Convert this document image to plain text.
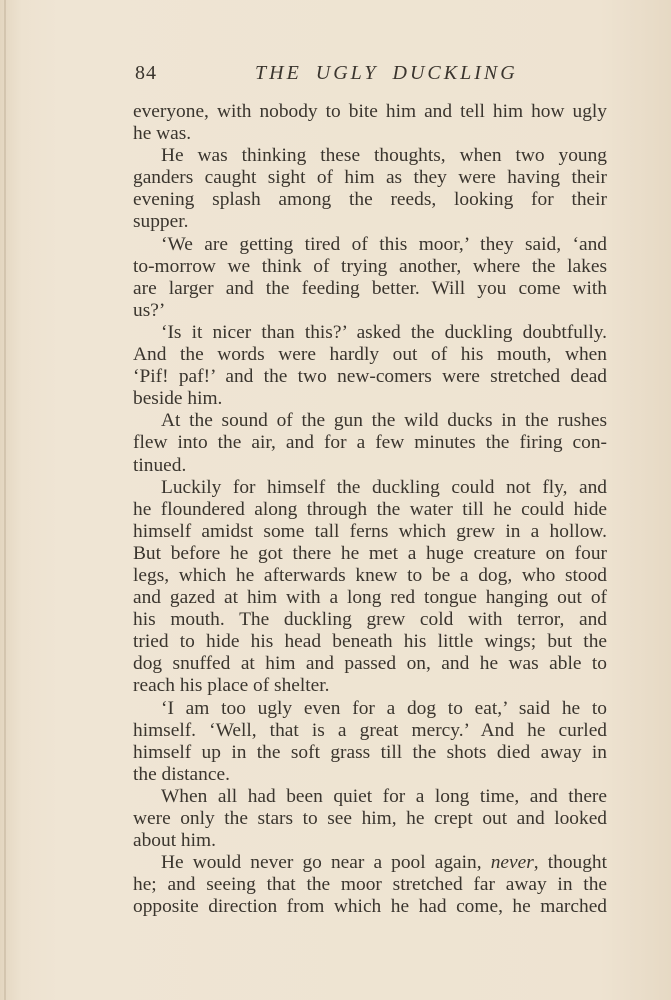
84	THE UGLY DUCKLING
everyone, with nobody to bite him and tell him how ugly
he was.
He was thinking these thoughts, when two young
ganders caught sight of him as they were having their
evening splash among the reeds, looking for their
supper.
‘We are getting tired of this moor,’ they said, ‘and
to-morrow we think of trying another, where the lakes
are larger and the feeding better. Will you come with
us?’
‘Is it nicer than this?’ asked the duckling doubtfully.
And the words were hardly out of his mouth, when
‘Pif! paf!’ and the two new-comers were stretched dead
beside him.
At the sound of the gun the wild ducks in the rushes
flew into the air, and for a few minutes the firing con-
tinued.
Luckily for himself the duckling could not fly, and
he floundered along through the water till he could hide
himself amidst some tall ferns which grew in a hollow.
But before he got there he met a huge creature on four
legs, which he afterwards knew to be a dog, who stood
and gazed at him with a long red tongue hanging out of
his mouth. The duckling grew cold with terror, and
tried to hide his head beneath his little wings; but the
dog snuffed at him and passed on, and he was able to
reach his place of shelter.
‘I am too ugly even for a dog to eat,’ said he to
himself. ‘Well, that is a great mercy.’ And he curled
himself up in the soft grass till the shots died away in
the distance.
When all had been quiet for a long time, and there
were only the stars to see him, he crept out and looked
about him.
He would never go near a pool again, never, thought
he; and seeing that the moor stretched far away in the
opposite direction from which he had come, he marched
